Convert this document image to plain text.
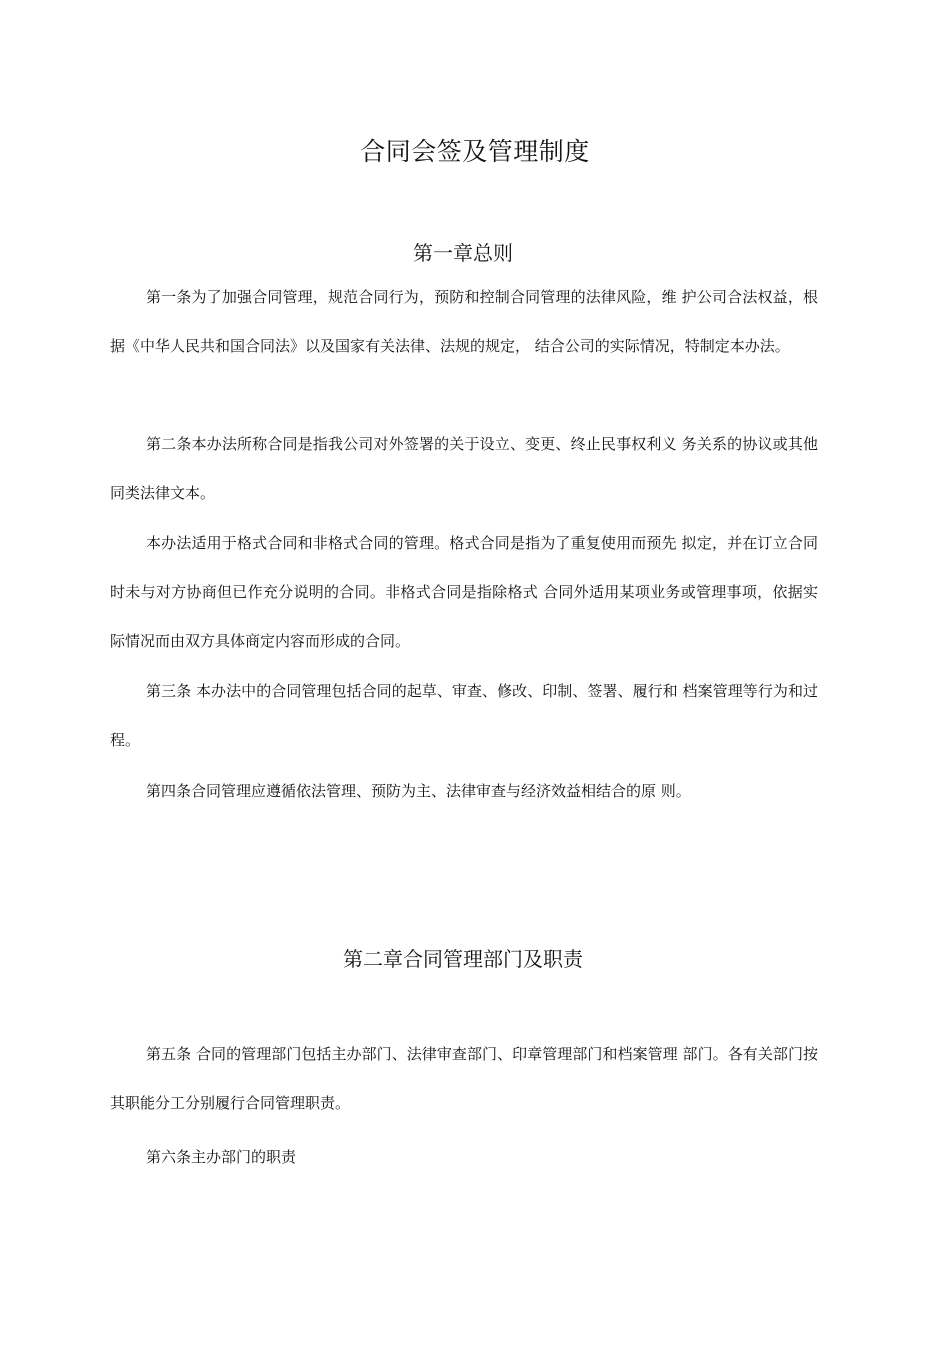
合同会签及管理制度
第一章总则

第一条为了加强合同管理，规范合同行为，预防和控制合同管理的法律风险，维 护公司合法权益，根据《中华人民共和国合同法》以及国家有关法律、法规的规定， 结合公司的实际情况，特制定本办法。

第二条本办法所称合同是指我公司对外签署的关于设立、变更、终止民事权利义 务关系的协议或其他同类法律文本。

本办法适用于格式合同和非格式合同的管理。格式合同是指为了重复使用而预先 拟定，并在订立合同时未与对方协商但已作充分说明的合同。非格式合同是指除格式 合同外适用某项业务或管理事项，依据实际情况而由双方具体商定内容而形成的合同。

第三条 本办法中的合同管理包括合同的起草、审查、修改、印制、签署、履行和 档案管理等行为和过程。

第四条合同管理应遵循依法管理、预防为主、法律审查与经济效益相结合的原 则。

第二章合同管理部门及职责

第五条 合同的管理部门包括主办部门、法律审查部门、印章管理部门和档案管理 部门。各有关部门按其职能分工分别履行合同管理职责。

第六条主办部门的职责
